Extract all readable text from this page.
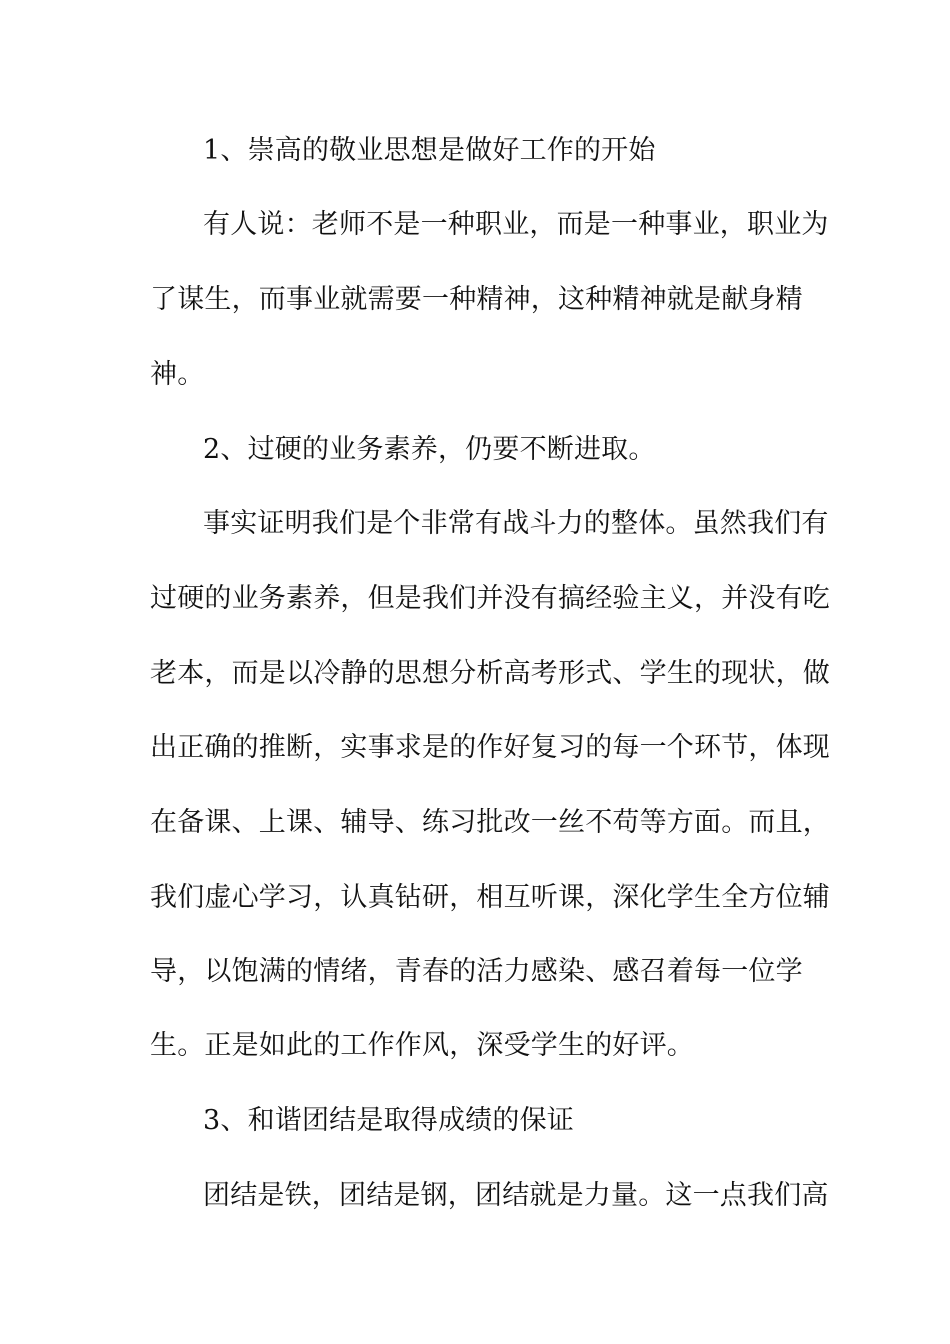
1、崇高的敬业思想是做好工作的开始

有人说：老师不是一种职业，而是一种事业，职业为

了谋生，而事业就需要一种精神，这种精神就是献身精

神。

2、过硬的业务素养，仍要不断进取。

事实证明我们是个非常有战斗力的整体。虽然我们有

过硬的业务素养，但是我们并没有搞经验主义，并没有吃

老本，而是以冷静的思想分析高考形式、学生的现状，做

出正确的推断，实事求是的作好复习的每一个环节，体现

在备课、上课、辅导、练习批改一丝不苟等方面。而且，

我们虚心学习，认真钻研，相互听课，深化学生全方位辅

导，以饱满的情绪，青春的活力感染、感召着每一位学

生。正是如此的工作作风，深受学生的好评。

3、和谐团结是取得成绩的保证

团结是铁，团结是钢，团结就是力量。这一点我们高
